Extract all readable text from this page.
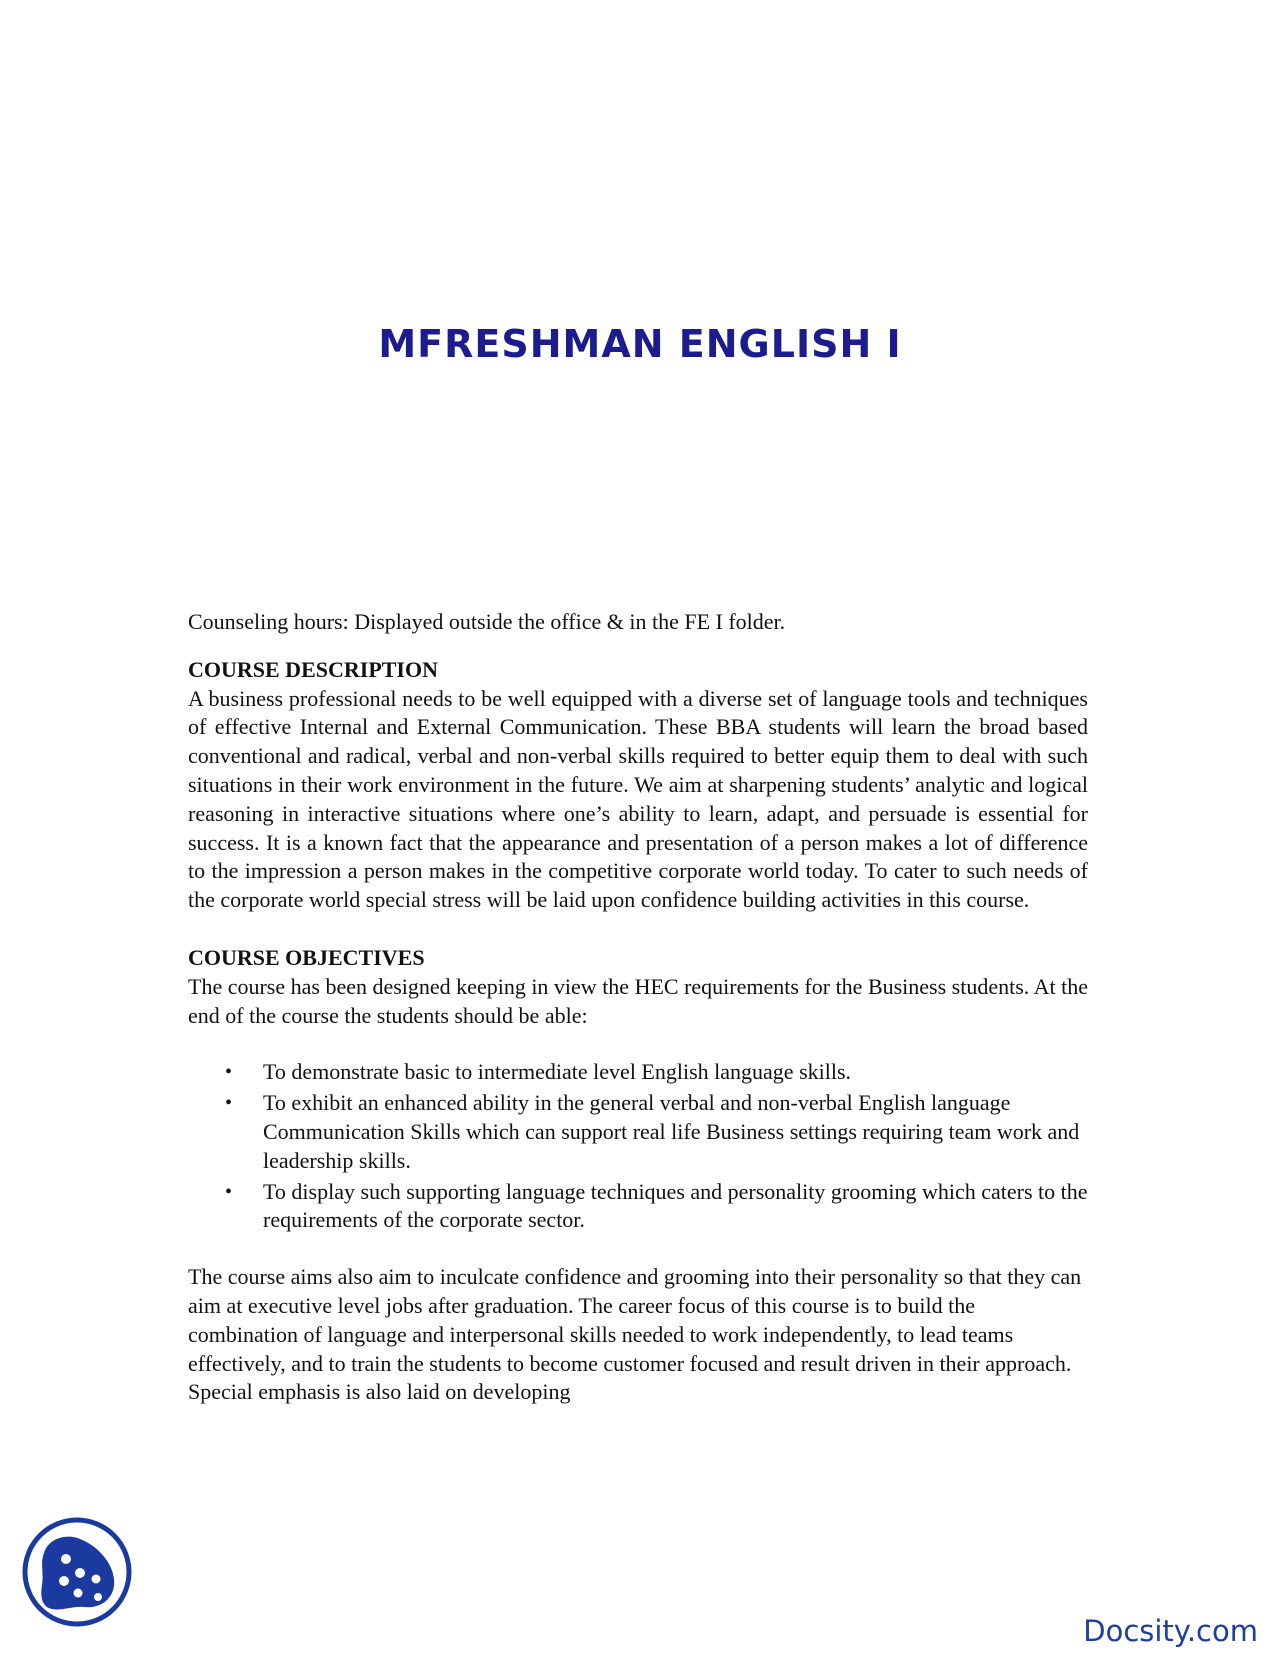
MFRESHMAN ENGLISH I

Counseling hours: Displayed outside the office & in the FE I folder.

COURSE DESCRIPTION

A business professional needs to be well equipped with a diverse set of language tools and techniques of effective Internal and External Communication. These BBA students will learn the broad based conventional and radical, verbal and non-verbal skills required to better equip them to deal with such situations in their work environment in the future. We aim at sharpening students’ analytic and logical reasoning in interactive situations where one’s ability to learn, adapt, and persuade is essential for success. It is a known fact that the appearance and presentation of a person makes a lot of difference to the impression a person makes in the competitive corporate world today. To cater to such needs of the corporate world special stress will be laid upon confidence building activities in this course.

COURSE OBJECTIVES

The course has been designed keeping in view the HEC requirements for the Business students. At the end of the course the students should be able:

• To demonstrate basic to intermediate level English language skills.
• To exhibit an enhanced ability in the general verbal and non-verbal English language Communication Skills which can support real life Business settings requiring team work and leadership skills.
• To display such supporting language techniques and personality grooming which caters to the requirements of the corporate sector.

The course aims also aim to inculcate confidence and grooming into their personality so that they can aim at executive level jobs after graduation. The career focus of this course is to build the combination of language and interpersonal skills needed to work independently, to lead teams effectively, and to train the students to become customer focused and result driven in their approach. Special emphasis is also laid on developing

Docsity.com
